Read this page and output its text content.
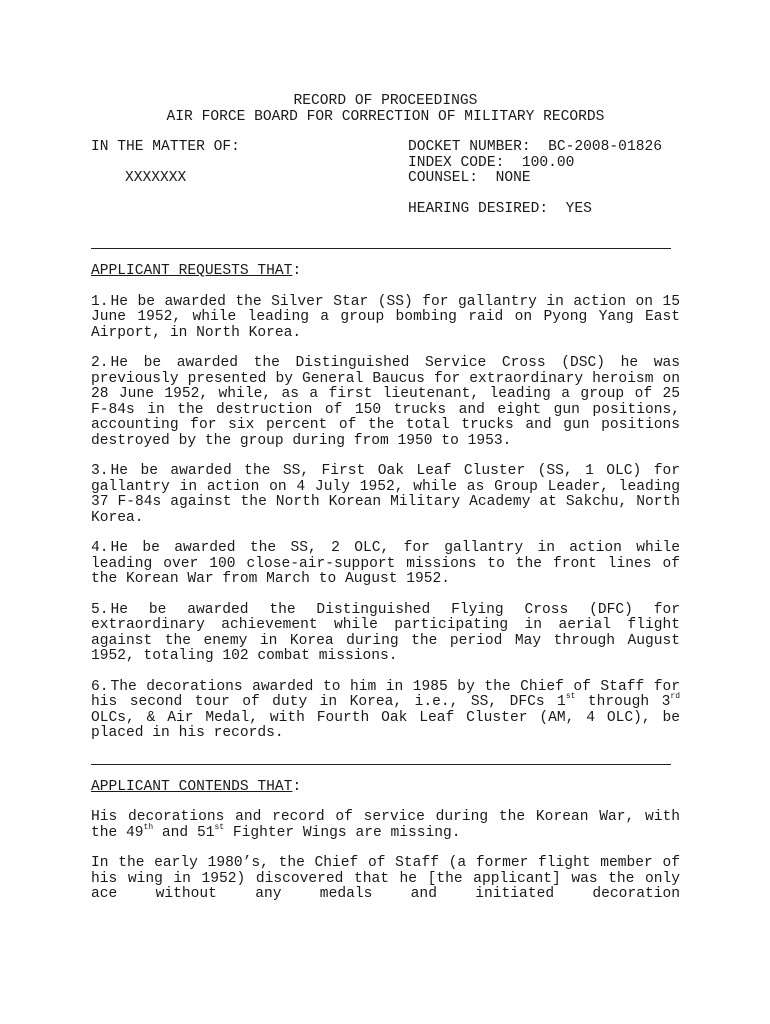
RECORD OF PROCEEDINGS

AIR FORCE BOARD FOR CORRECTION OF MILITARY RECORDS

IN THE MATTER OF:

XXXXXXX

DOCKET NUMBER:  BC-2008-01826

INDEX CODE:  100.00

COUNSEL:  NONE

HEARING DESIRED:  YES

APPLICANT REQUESTS THAT:

1. He be awarded the Silver Star (SS) for gallantry in action on 15 June 1952, while leading a group bombing raid on Pyong Yang East Airport, in North Korea.

2. He be awarded the Distinguished Service Cross (DSC) he was previously presented by General Baucus for extraordinary heroism on 28 June 1952, while, as a first lieutenant, leading a group of 25 F-84s in the destruction of 150 trucks and eight gun positions, accounting for six percent of the total trucks and gun positions destroyed by the group during from 1950 to 1953.

3. He be awarded the SS, First Oak Leaf Cluster (SS, 1 OLC) for gallantry in action on 4 July 1952, while as Group Leader, leading 37 F-84s against the North Korean Military Academy at Sakchu, North Korea.

4. He be awarded the SS, 2 OLC, for gallantry in action while leading over 100 close-air-support missions to the front lines of the Korean War from March to August 1952.

5. He be awarded the Distinguished Flying Cross (DFC) for extraordinary achievement while participating in aerial flight against the enemy in Korea during the period May through August 1952, totaling 102 combat missions.

6. The decorations awarded to him in 1985 by the Chief of Staff for his second tour of duty in Korea, i.e., SS, DFCs 1st through 3rd OLCs, & Air Medal, with Fourth Oak Leaf Cluster (AM, 4 OLC), be placed in his records.

APPLICANT CONTENDS THAT:

His decorations and record of service during the Korean War, with the 49th and 51st Fighter Wings are missing.

In the early 1980’s, the Chief of Staff (a former flight member of his wing in 1952) discovered that he [the applicant] was the only ace without any medals and initiated decoration
